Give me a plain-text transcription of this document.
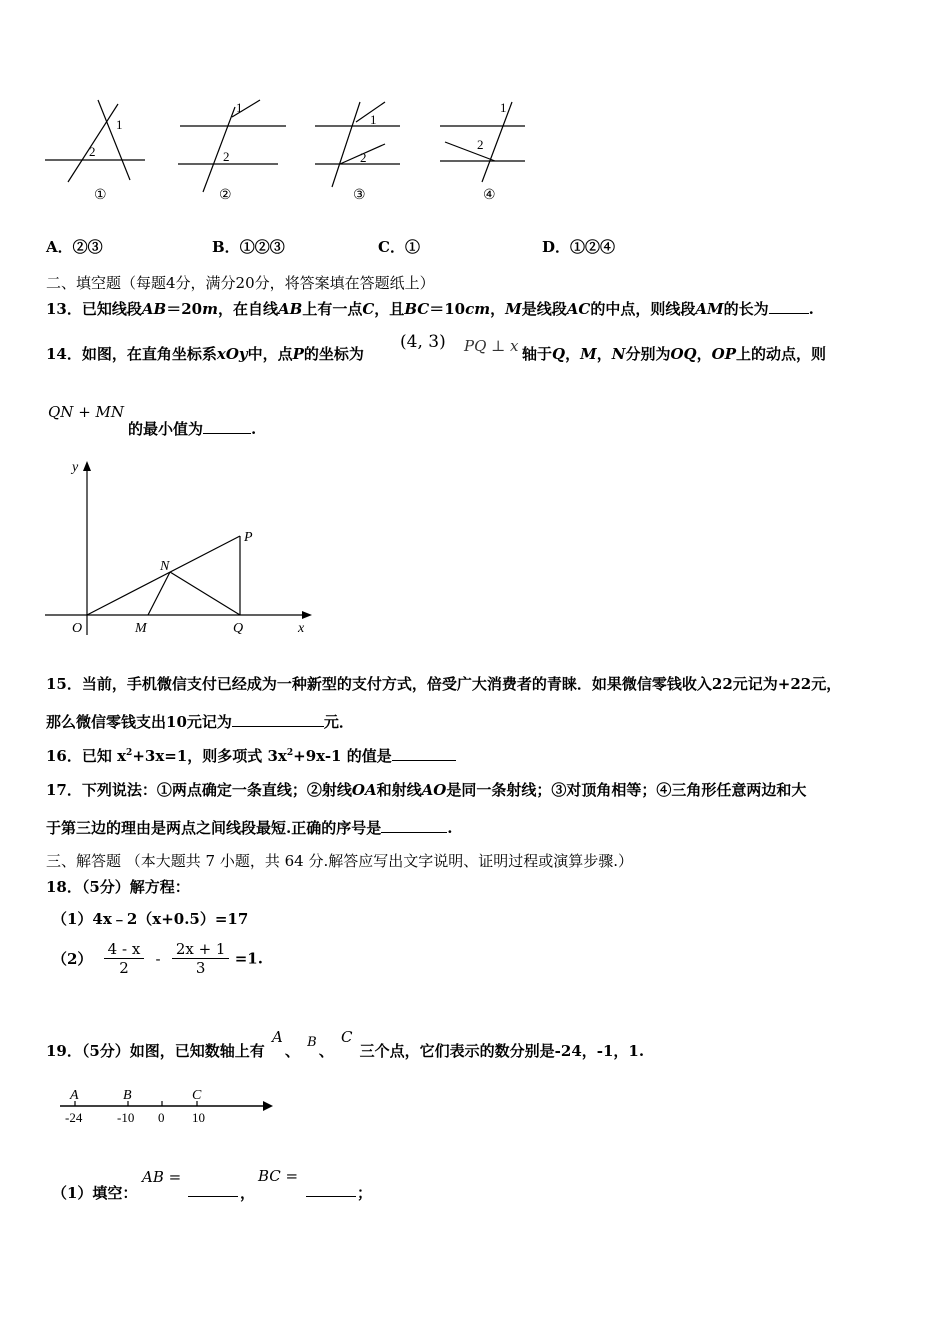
1
2
①
1
2
②
1
2
③
1
2
④
A．②③	B．①②③	C．①	D．①②④
二、填空题（每题4分，满分20分，将答案填在答题纸上）
13．已知线段AB＝20m，在自线AB上有一点C，且BC＝10cm，M是线段AC的中点，则线段AM的长为	.
14．如图，在直角坐标系xOy中，点P的坐标为
(4, 3) PQ ⊥ x 轴于Q，M，N分别为OQ，OP上的动点，则
QN + MN
的最小值为	.
y
x
O	M	Q
N
P
15．当前，手机微信支付已经成为一种新型的支付方式，倍受广大消费者的青睐．如果微信零钱收入22元记为+22元，
那么微信零钱支出10元记为	元．
16．已知 $x^2+3x=1$，则多项式 $3x^2+9x-1$ 的值是
17．下列说法：①两点确定一条直线；②射线OA和射线AO是同一条射线；③对顶角相等；④三角形任意两边和大
于第三边的理由是两点之间线段最短.正确的序号是	.
三、解答题 （本大题共 7 小题，共 64 分.解答应写出文字说明、证明过程或演算步骤.）
18．（5分）解方程：
（1）4x﹣2（x+0.5）=17
$(2) \frac{4 - x}{2} - \frac{2x + 1}{3} =1$.
19．（5分）如图，已知数轴上有 A、 B 、 C 三个点，它们表示的数分别是-24，-1，1.
A	B	C
-24	-10 0 10
（1）填空：
AB =
，
BC =
；
